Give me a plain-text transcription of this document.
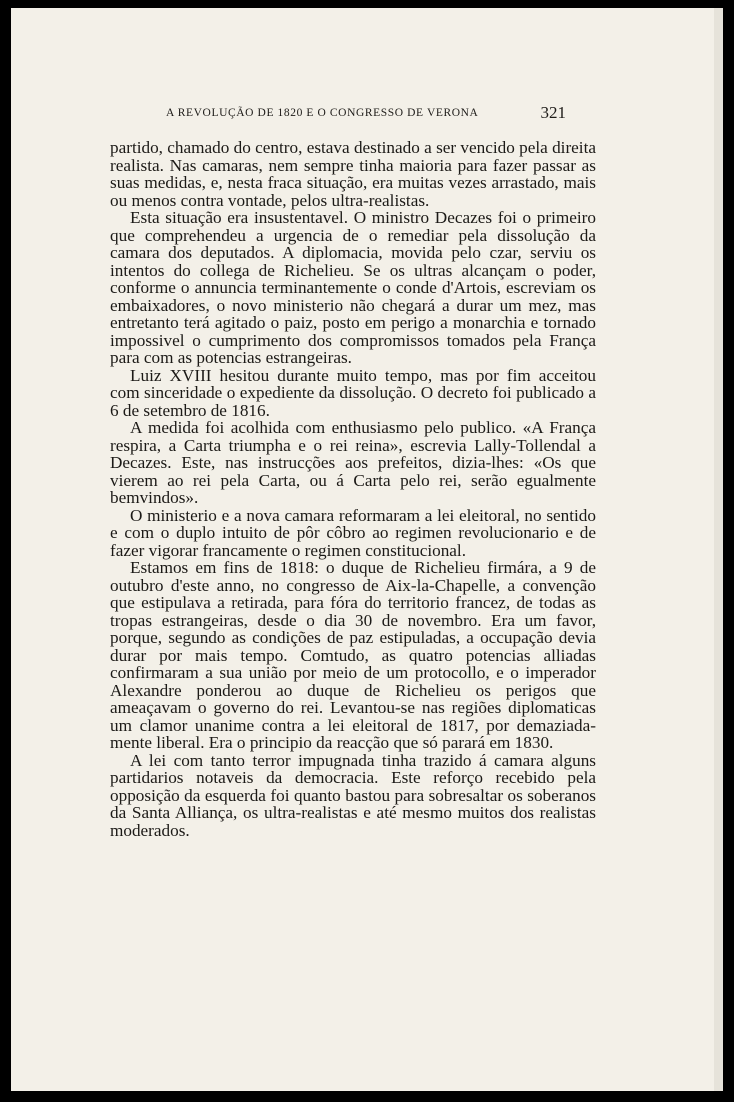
A REVOLUÇÃO DE 1820 E O CONGRESSO DE VERONA	321

partido, chamado do centro, estava destinado a ser vencido pela direita realista. Nas camaras, nem sempre tinha maioria para fazer passar as suas medidas, e, nesta fraca situação, era muitas vezes arrastado, mais ou menos contra vontade, pelos ultra-realistas.

Esta situação era insustentavel. O ministro Decazes foi o primeiro que comprehendeu a urgencia de o remediar pela dissolução da camara dos deputados. A diplomacia, movida pelo czar, serviu os intentos do collega de Richelieu. Se os ultras alcançam o poder, conforme o annuncia terminantemente o conde d'Artois, escreviam os embaixadores, o novo ministerio não chegará a durar um mez, mas entretanto terá agitado o paiz, posto em perigo a monarchia e tornado impossivel o cumprimento dos compromissos tomados pela França para com as potencias estrangeiras.

Luiz XVIII hesitou durante muito tempo, mas por fim acceitou com sinceridade o expediente da dissolução. O decreto foi publicado a 6 de setembro de 1816.

A medida foi acolhida com enthusiasmo pelo publico. «A França respira, a Carta triumpha e o rei reina», escrevia Lally-Tollendal a Decazes. Este, nas instrucções aos prefeitos, dizia-lhes: «Os que vierem ao rei pela Carta, ou á Carta pelo rei, serão egualmente bemvindos».

O ministerio e a nova camara reformaram a lei eleitoral, no sentido e com o duplo intuito de pôr côbro ao regimen revolucionario e de fazer vigorar francamente o regimen constitucional.

Estamos em fins de 1818: o duque de Richelieu firmára, a 9 de outubro d'este anno, no congresso de Aix-la-Chapelle, a convenção que estipulava a retirada, para fóra do territorio francez, de todas as tropas estrangeiras, desde o dia 30 de novembro. Era um favor, porque, segundo as condições de paz estipuladas, a occupação devia durar por mais tempo. Comtudo, as quatro potencias alliadas confirmaram a sua união por meio de um protocollo, e o imperador Alexandre ponderou ao duque de Richelieu os perigos que ameaçavam o governo do rei. Levantou-se nas regiões diplomaticas um clamor unanime contra a lei eleitoral de 1817, por demaziadamente liberal. Era o principio da reacção que só parará em 1830.

A lei com tanto terror impugnada tinha trazido á camara alguns partidarios notaveis da democracia. Este reforço recebido pela opposição da esquerda foi quanto bastou para sobresaltar os soberanos da Santa Alliança, os ultra-realistas e até mesmo muitos dos realistas moderados.
